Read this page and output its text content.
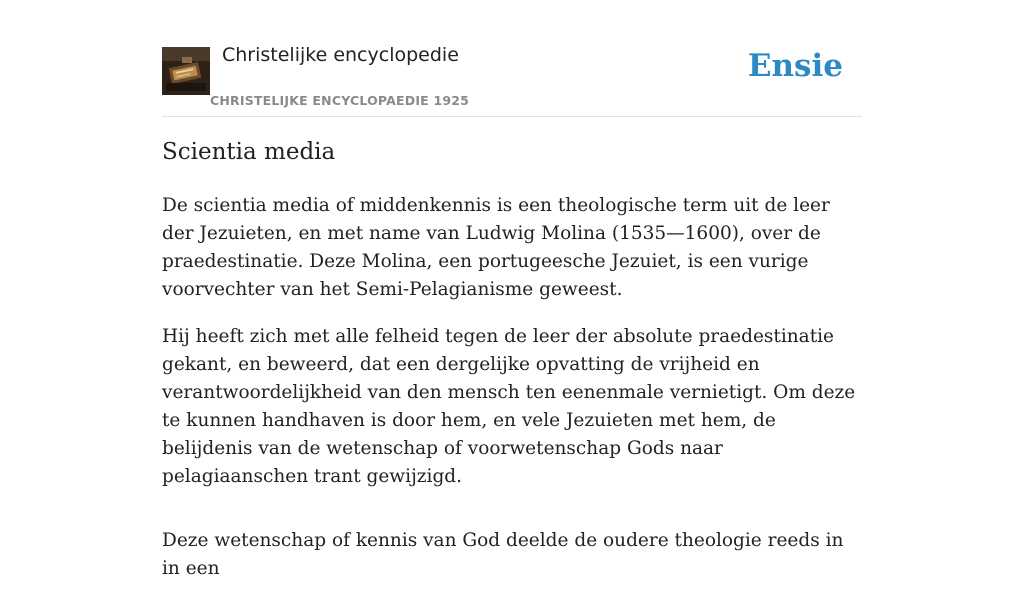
Christelijke encyclopedie
CHRISTELIJKE ENCYCLOPAEDIE 1925
Ensie
Scientia media

De scientia media of middenkennis is een theologische term uit de leer der Jezuieten, en met name van Ludwig Molina (1535—1600), over de praedestinatie. Deze Molina, een portugeesche Jezuiet, is een vurige voorvechter van het Semi-Pelagianisme geweest.

Hij heeft zich met alle felheid tegen de leer der absolute praedestinatie gekant, en beweerd, dat een dergelijke opvatting de vrijheid en verantwoordelijkheid van den mensch ten eenenmale vernietigt. Om deze te kunnen handhaven is door hem, en vele Jezuieten met hem, de belijdenis van de wetenschap of voorwetenschap Gods naar pelagiaanschen trant gewijzigd.

Deze wetenschap of kennis van God deelde de oudere theologie reeds in in een
